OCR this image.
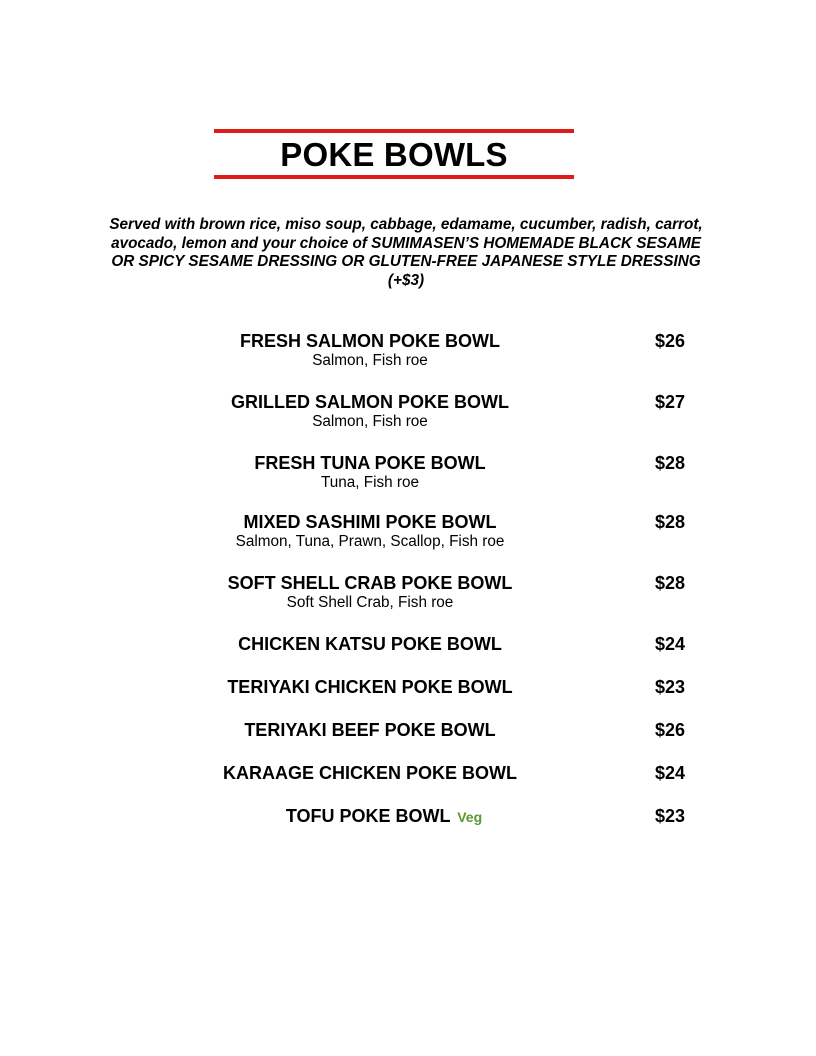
POKE BOWLS
Served with brown rice, miso soup, cabbage, edamame, cucumber, radish, carrot, avocado, lemon and your choice of SUMIMASEN’S HOMEMADE BLACK SESAME OR SPICY SESAME DRESSING OR GLUTEN-FREE JAPANESE STYLE DRESSING (+$3)
FRESH SALMON POKE BOWL
Salmon, Fish roe
$26
GRILLED SALMON POKE BOWL
Salmon, Fish roe
$27
FRESH TUNA POKE BOWL
Tuna, Fish roe
$28
MIXED SASHIMI POKE BOWL
Salmon, Tuna, Prawn, Scallop, Fish roe
$28
SOFT SHELL CRAB POKE BOWL
Soft Shell Crab, Fish roe
$28
CHICKEN KATSU POKE BOWL	$24
TERIYAKI CHICKEN POKE BOWL	$23
TERIYAKI BEEF POKE BOWL	$26
KARAAGE CHICKEN POKE BOWL	$24
TOFU POKE BOWL Veg	$23
